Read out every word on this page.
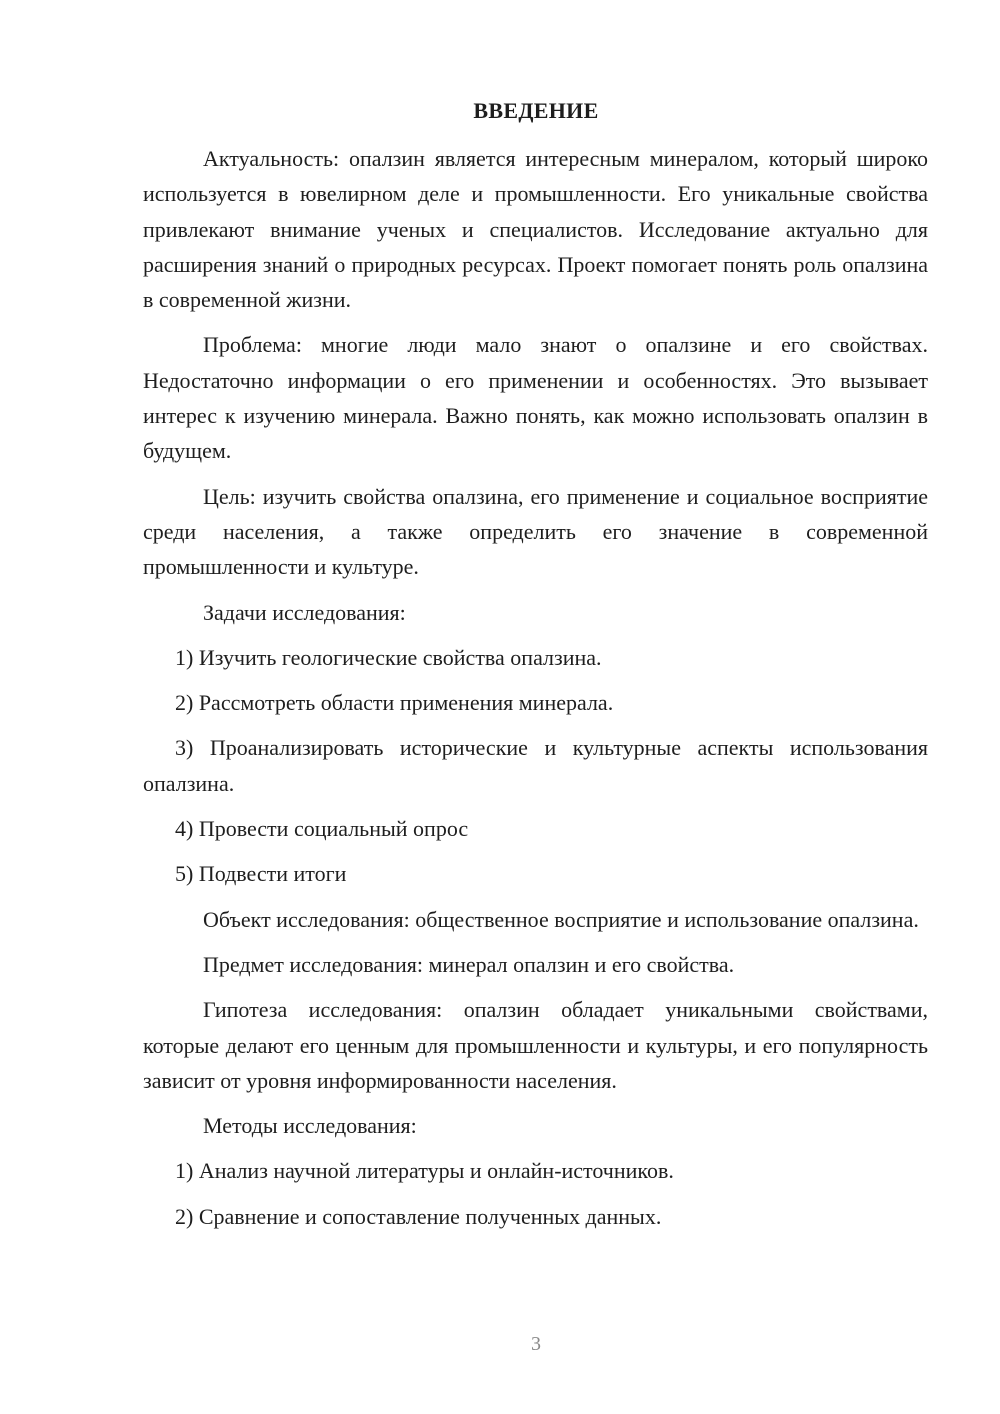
ВВЕДЕНИЕ

Актуальность: опалзин является интересным минералом, который широко используется в ювелирном деле и промышленности. Его уникальные свойства привлекают внимание ученых и специалистов. Исследование актуально для расширения знаний о природных ресурсах. Проект помогает понять роль опалзина в современной жизни.

Проблема: многие люди мало знают о опалзине и его свойствах. Недостаточно информации о его применении и особенностях. Это вызывает интерес к изучению минерала. Важно понять, как можно использовать опалзин в будущем.

Цель: изучить свойства опалзина, его применение и социальное восприятие среди населения, а также определить его значение в современной промышленности и культуре.

Задачи исследования:

1) Изучить геологические свойства опалзина.

2) Рассмотреть области применения минерала.

3) Проанализировать исторические и культурные аспекты использования опалзина.

4) Провести социальный опрос

5) Подвести итоги

Объект исследования: общественное восприятие и использование опалзина.

Предмет исследования: минерал опалзин и его свойства.

Гипотеза исследования: опалзин обладает уникальными свойствами, которые делают его ценным для промышленности и культуры, и его популярность зависит от уровня информированности населения.

Методы исследования:

1) Анализ научной литературы и онлайн-источников.

2) Сравнение и сопоставление полученных данных.

3
